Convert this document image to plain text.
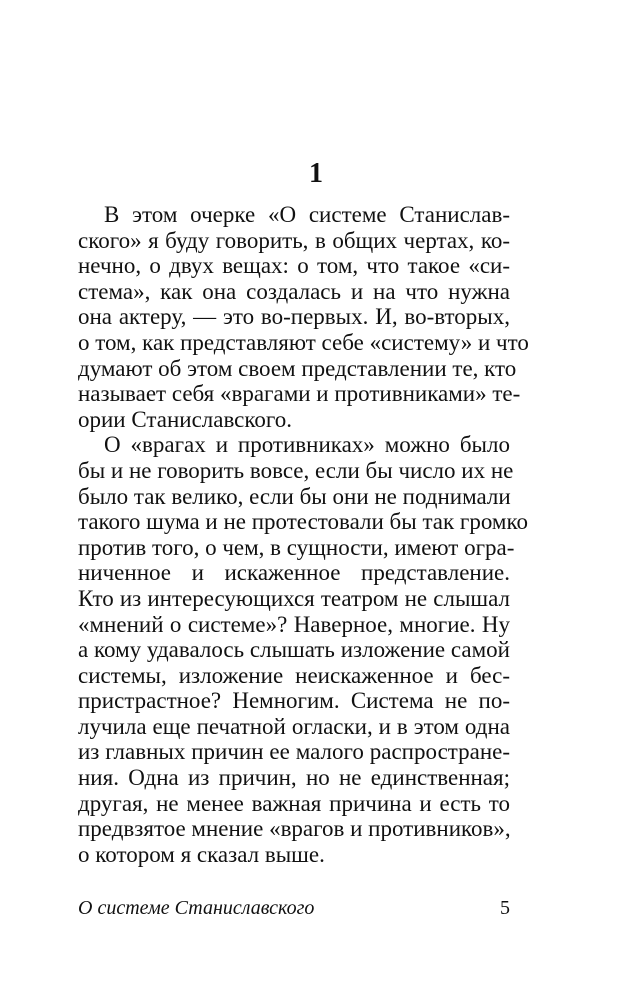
1
В этом очерке «О системе Станислав-
ского» я буду говорить, в общих чертах, ко-
нечно, о двух вещах: о том, что такое «си-
стема», как она создалась и на что нужна
она актеру, — это во-первых. И, во-вторых,
о том, как представляют себе «систему» и что
думают об этом своем представлении те, кто
называет себя «врагами и противниками» те-
ории Станиславского.
О «врагах и противниках» можно было
бы и не говорить вовсе, если бы число их не
было так велико, если бы они не поднимали
такого шума и не протестовали бы так громко
против того, о чем, в сущности, имеют огра-
ниченное и искаженное представление.
Кто из интересующихся театром не слышал
«мнений о системе»? Наверное, многие. Ну
а кому удавалось слышать изложение самой
системы, изложение неискаженное и бес-
пристрастное? Немногим. Система не по-
лучила еще печатной огласки, и в этом одна
из главных причин ее малого распростране-
ния. Одна из причин, но не единственная;
другая, не менее важная причина и есть то
предвзятое мнение «врагов и противников»,
о котором я сказал выше.
О системе Станиславского	5
